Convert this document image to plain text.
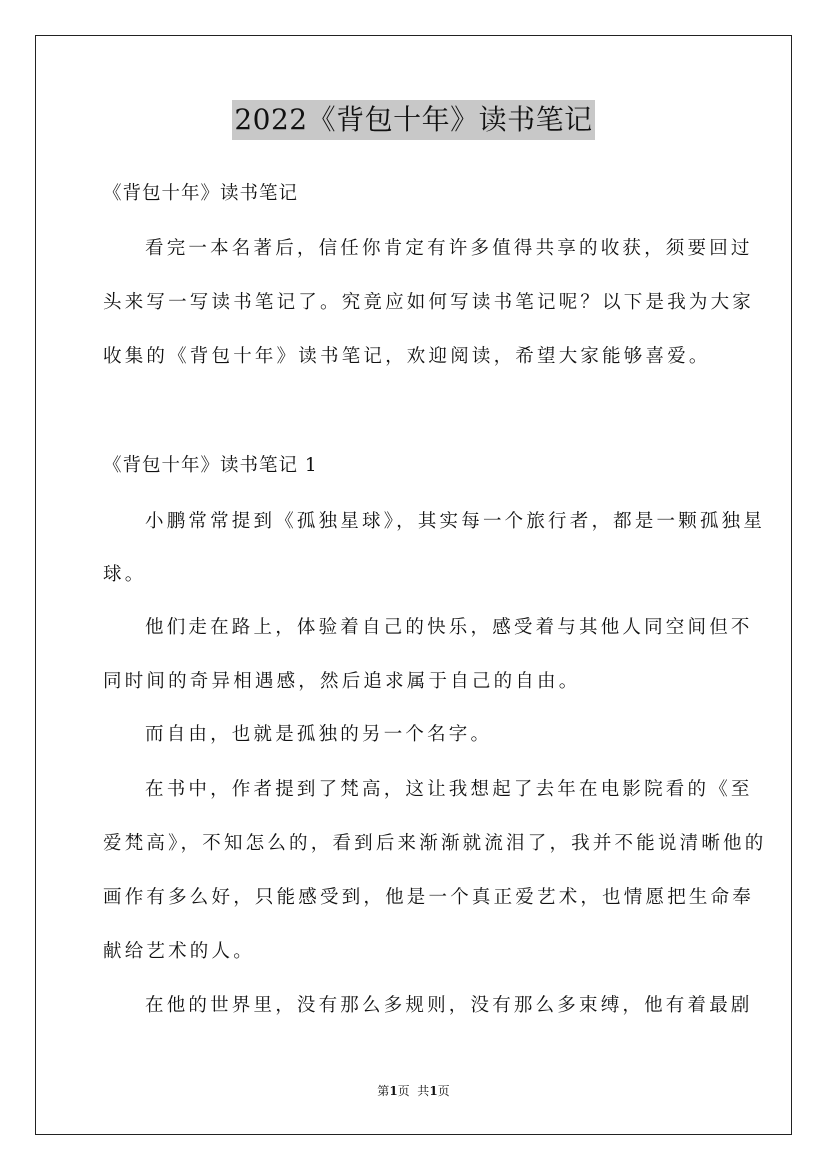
2022《背包十年》读书笔记
《背包十年》读书笔记
看完一本名著后，信任你肯定有许多值得共享的收获，须要回过
头来写一写读书笔记了。究竟应如何写读书笔记呢？以下是我为大家
收集的《背包十年》读书笔记，欢迎阅读，希望大家能够喜爱。
《背包十年》读书笔记 1
小鹏常常提到《孤独星球》，其实每一个旅行者，都是一颗孤独星
球。
他们走在路上，体验着自己的快乐，感受着与其他人同空间但不
同时间的奇异相遇感，然后追求属于自己的自由。
而自由，也就是孤独的另一个名字。
在书中，作者提到了梵高，这让我想起了去年在电影院看的《至
爱梵高》，不知怎么的，看到后来渐渐就流泪了，我并不能说清晰他的
画作有多么好，只能感受到，他是一个真正爱艺术，也情愿把生命奉
献给艺术的人。
在他的世界里，没有那么多规则，没有那么多束缚，他有着最剧
第1页  共1页
